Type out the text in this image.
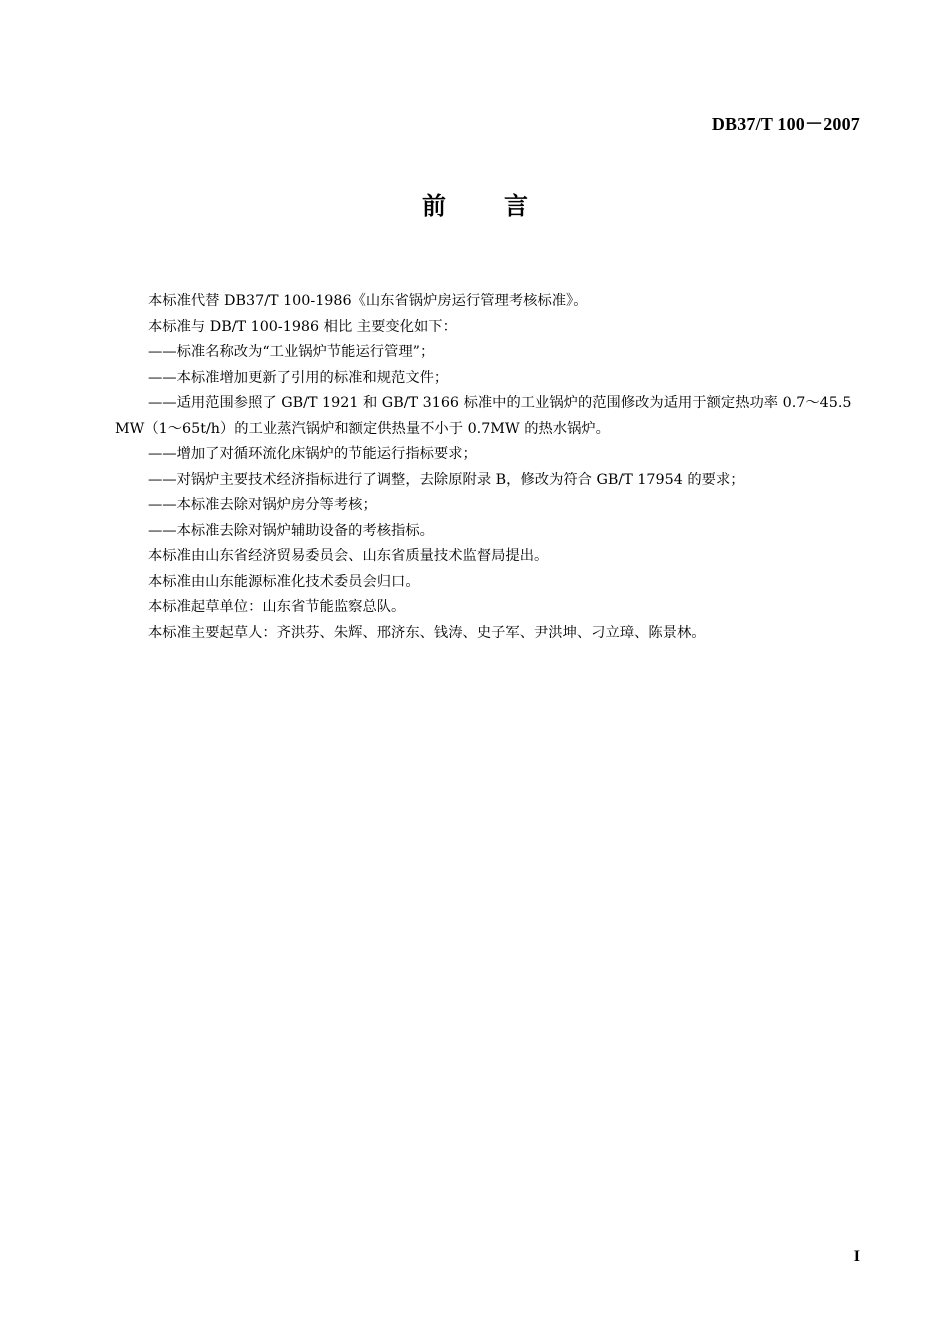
DB37/T 100－2007
前言

本标准代替 DB37/T 100-1986《山东省锅炉房运行管理考核标准》。

本标准与 DB/T 100-1986 相比 主要变化如下：

——标准名称改为“工业锅炉节能运行管理”；

——本标准增加更新了引用的标准和规范文件；

——适用范围参照了 GB/T 1921 和 GB/T 3166 标准中的工业锅炉的范围修改为适用于额定热功率 0.7～45.5MW（1～65t/h）的工业蒸汽锅炉和额定供热量不小于 0.7MW 的热水锅炉。

——增加了对循环流化床锅炉的节能运行指标要求；

——对锅炉主要技术经济指标进行了调整，去除原附录 B，修改为符合 GB/T 17954 的要求；

——本标准去除对锅炉房分等考核；

——本标准去除对锅炉辅助设备的考核指标。

本标准由山东省经济贸易委员会、山东省质量技术监督局提出。

本标准由山东能源标准化技术委员会归口。

本标准起草单位：山东省节能监察总队。

本标准主要起草人：齐洪芬、朱辉、邢济东、钱涛、史子军、尹洪坤、刁立璋、陈景林。

I
